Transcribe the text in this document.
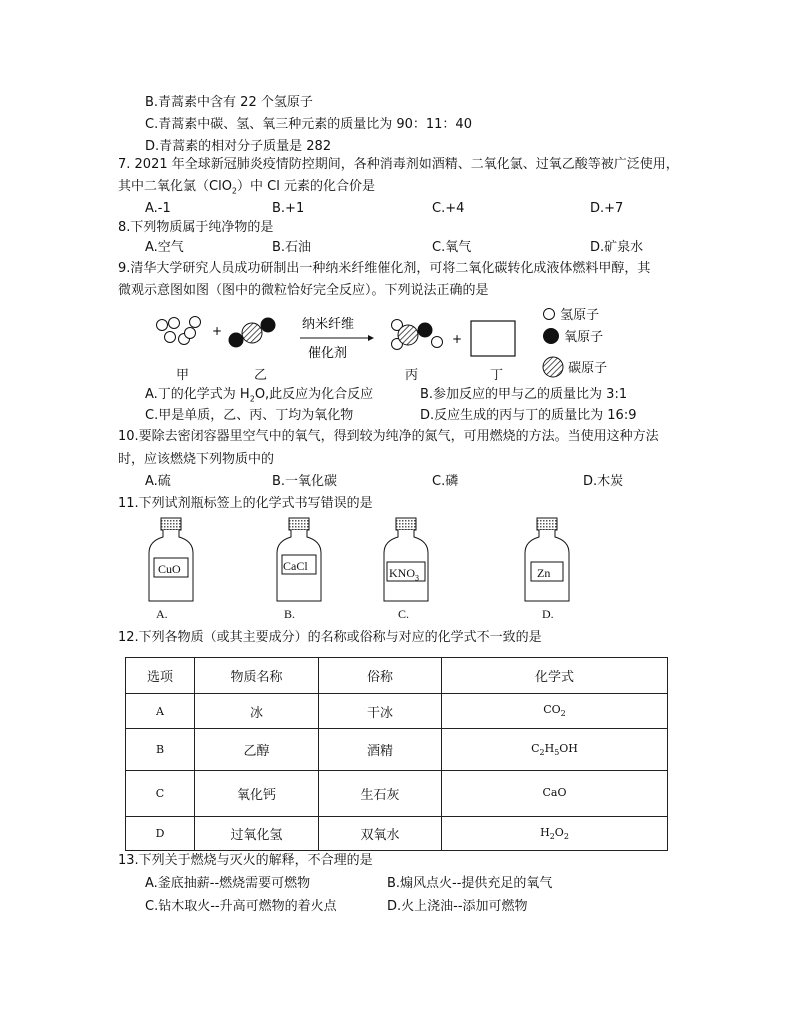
B.青蒿素中含有 22 个氢原子
C.青蒿素中碳、氢、氧三种元素的质量比为 90：11：40
D.青蒿素的相对分子质量是 282
7. 2021 年全球新冠肺炎疫情防控期间，各种消毒剂如酒精、二氧化氯、过氧乙酸等被广泛使用，
其中二氧化氯（ClO$_2$）中 Cl 元素的化合价是
A.-1	B.+1	C.+4	D.+7
8.下列物质属于纯净物的是
A.空气	B.石油	C.氧气	D.矿泉水
9.清华大学研究人员成功研制出一种纳米纤维催化剂，可将二氧化碳转化成液体燃料甲醇，其
微观示意图如图（图中的微粒恰好完全反应）。下列说法正确的是
+	纳米纤维
催化剂
+
甲	乙	丙	丁
氢原子
氧原子
碳原子
A.丁的化学式为 $H_2O$,此反应为化合反应	B.参加反应的甲与乙的质量比为 3:1
C.甲是单质，乙、丙、丁均为氧化物	D.反应生成的丙与丁的质量比为 16:9
10.要除去密闭容器里空气中的氧气，得到较为纯净的氮气，可用燃烧的方法。当使用这种方法
时，应该燃烧下列物质中的
A.硫	B.一氧化碳	C.磷	D.木炭
11.下列试剂瓶标签上的化学式书写错误的是
CuO
A.
CaCl
B.
$KNO_3$
C.
Zn
D.
12.下列各物质（或其主要成分）的名称或俗称与对应的化学式不一致的是
选项	物质名称	俗称	化学式
A	冰	干冰	$CO_2$
B	乙醇	酒精	$C_2H_5OH$
C	氧化钙	生石灰	CaO
D	过氧化氢	双氧水	$H_2O_2$
13.下列关于燃烧与灭火的解释，不合理的是
A.釜底抽薪--燃烧需要可燃物	B.煽风点火--提供充足的氧气
C.钻木取火--升高可燃物的着火点	D.火上浇油--添加可燃物
